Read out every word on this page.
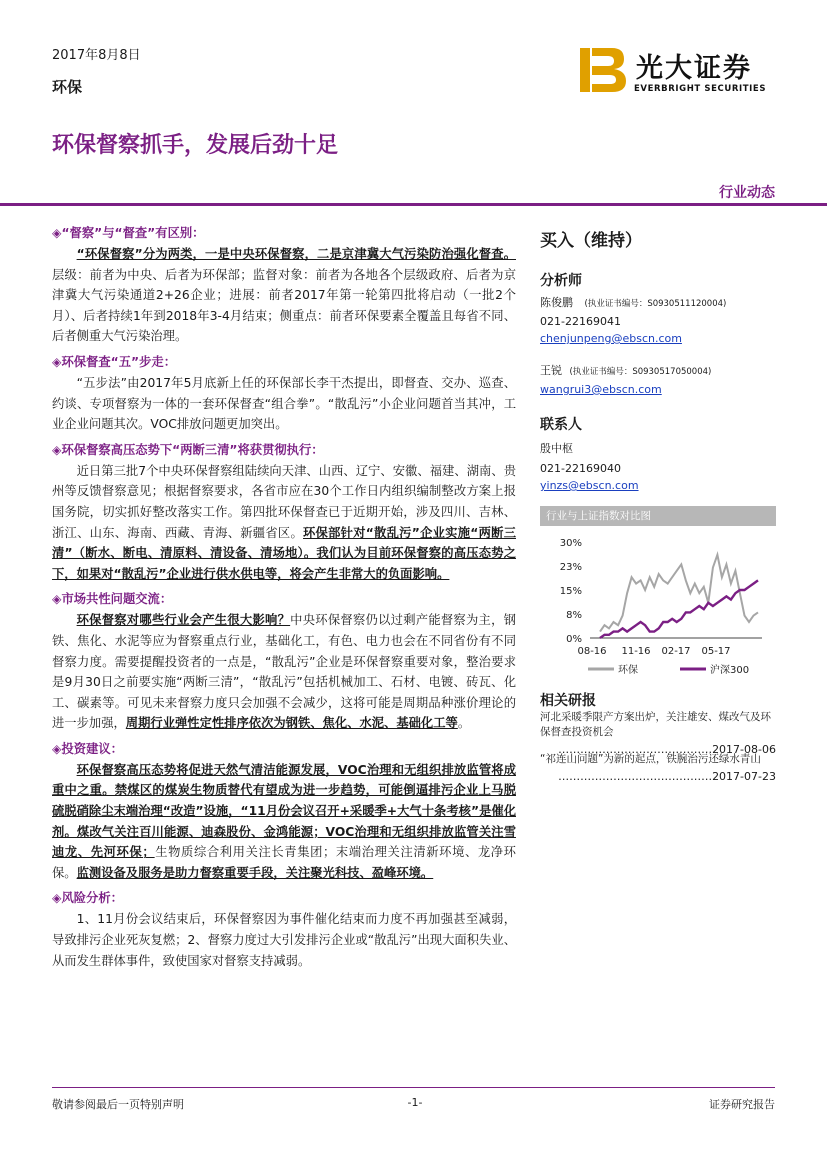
2017年8月8日
环保
光大证券
EVERBRIGHT SECURITIES
环保督察抓手，发展后劲十足
行业动态
◈“督察”与“督查”有区别：
“环保督察”分为两类，一是中央环保督察，二是京津冀大气污染防治强化督查。层级：前者为中央、后者为环保部；监督对象：前者为各地各个层级政府、后者为京津冀大气污染通道2+26企业；进展：前者2017年第一轮第四批将启动（一批2个月）、后者持续1年到2018年3-4月结束；侧重点：前者环保要素全覆盖且每省不同、后者侧重大气污染治理。
◈环保督查“五”步走：
“五步法”由2017年5月底新上任的环保部长李干杰提出，即督查、交办、巡查、约谈、专项督察为一体的一套环保督查“组合拳”。“散乱污”小企业问题首当其冲，工业企业问题其次。VOC排放问题更加突出。
◈环保督察高压态势下“两断三清”将获贯彻执行：
近日第三批7个中央环保督察组陆续向天津、山西、辽宁、安徽、福建、湖南、贵州等反馈督察意见；根据督察要求，各省市应在30个工作日内组织编制整改方案上报国务院，切实抓好整改落实工作。第四批环保督查已于近期开始，涉及四川、吉林、浙江、山东、海南、西藏、青海、新疆省区。环保部针对“散乱污”企业实施“两断三清”（断水、断电、清原料、清设备、清场地）。我们认为目前环保督察的高压态势之下，如果对“散乱污”企业进行供水供电等，将会产生非常大的负面影响。
◈市场共性问题交流：
环保督察对哪些行业会产生很大影响？中央环保督察仍以过剩产能督察为主，钢铁、焦化、水泥等应为督察重点行业，基础化工，有色、电力也会在不同省份有不同督察力度。需要提醒投资者的一点是，“散乱污”企业是环保督察重要对象，整治要求是9月30日之前要实施“两断三清”，“散乱污”包括机械加工、石材、电镀、砖瓦、化工、碳素等。可见未来督察力度只会加强不会减少，这将可能是周期品种涨价理论的进一步加强，周期行业弹性定性排序依次为钢铁、焦化、水泥、基础化工等。
◈投资建议：
环保督察高压态势将促进天然气清洁能源发展，VOC治理和无组织排放监管将成重中之重。禁煤区的煤炭生物质替代有望成为进一步趋势，可能倒逼排污企业上马脱硫脱硝除尘末端治理“改造”设施，“11月份会议召开+采暖季+大气十条考核”是催化剂。煤改气关注百川能源、迪森股份、金鸿能源；VOC治理和无组织排放监管关注雪迪龙、先河环保；生物质综合利用关注长青集团；末端治理关注清新环境、龙净环保。监测设备及服务是助力督察重要手段，关注聚光科技、盈峰环境。
◈风险分析：
1、11月份会议结束后，环保督察因为事件催化结束而力度不再加强甚至减弱，导致排污企业死灰复燃；2、督察力度过大引发排污企业或“散乱污”出现大面积失业、从而发生群体事件，致使国家对督察支持减弱。
买入（维持）
分析师
陈俊鹏 (执业证书编号：S0930511120004)
021-22169041
chenjunpeng@ebscn.com
王锐 (执业证书编号：S0930517050004)
wangrui3@ebscn.com
联系人
殷中枢
021-22169040
yinzs@ebscn.com
行业与上证指数对比图
30%
23%
15%
8%
0%
08-16 11-16 02-17 05-17
环保	沪深300
相关研报
河北采暖季限产方案出炉，关注雄安、煤改气及环保督查投资机会
……………………………………2017-08-06
“祁连山问题”为新的起点，铁腕治污还绿水青山
……………………………………2017-07-23
敬请参阅最后一页特别声明	-1-	证券研究报告
